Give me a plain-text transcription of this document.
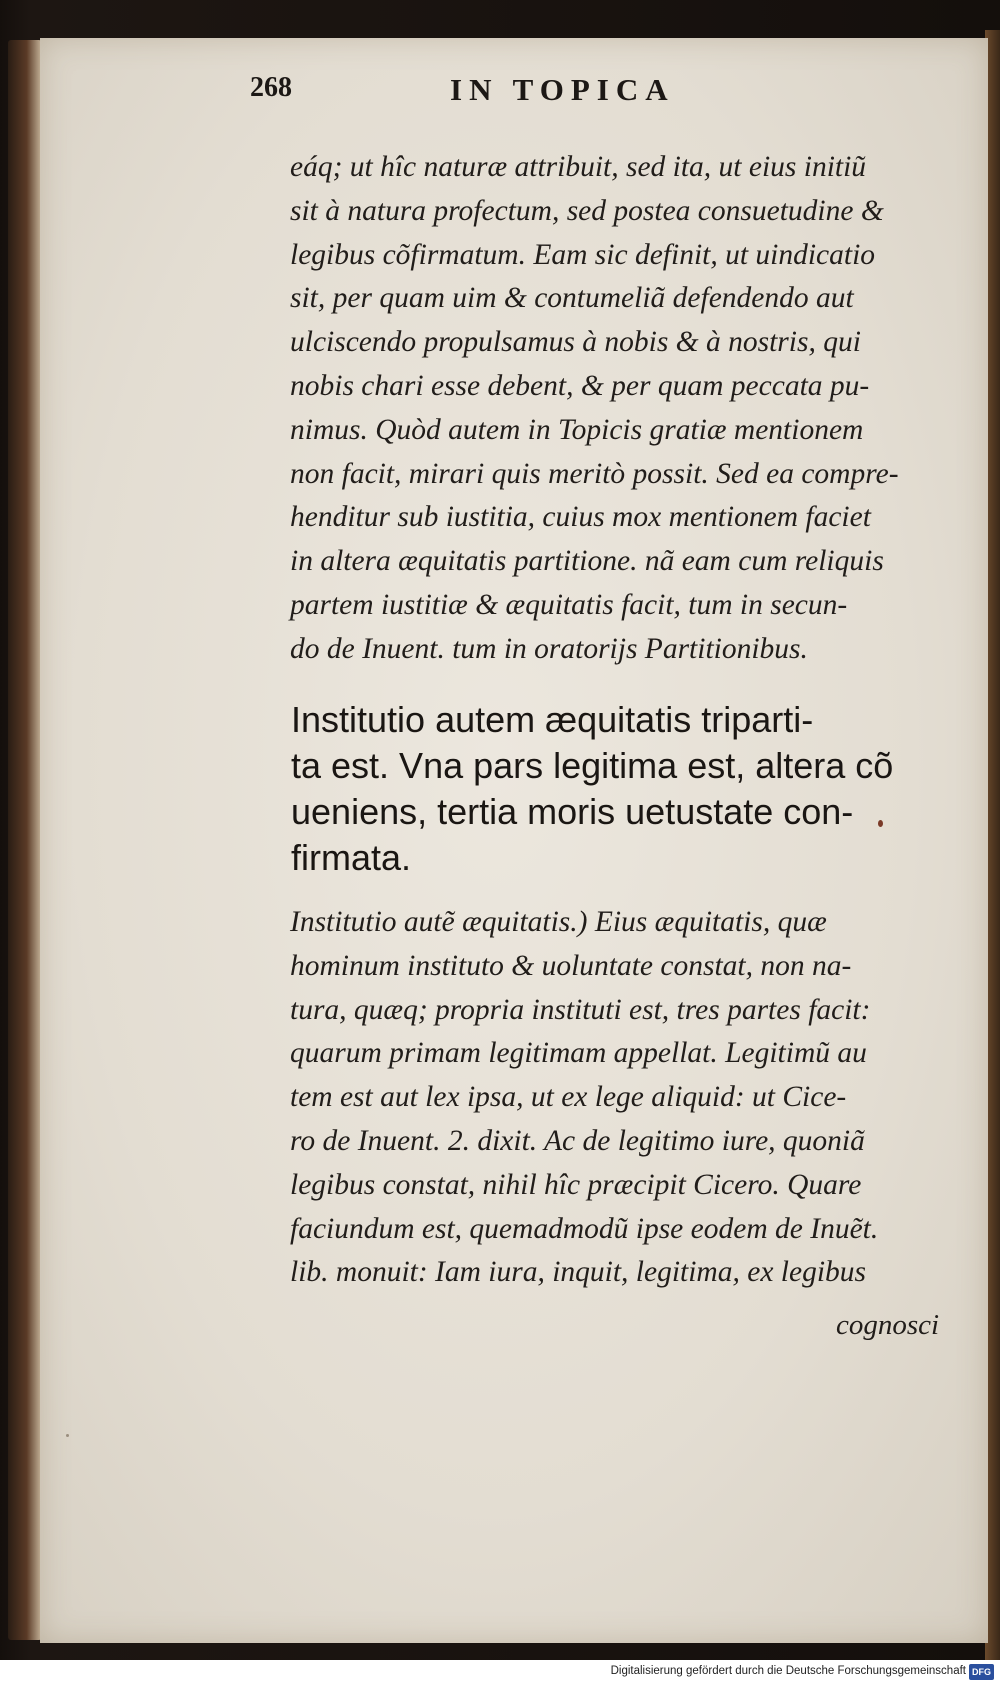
268	IN TOPICA
eáq; ut hîc naturæ attribuit, sed ita, ut eius initiũ
sit à natura profectum, sed postea consuetudine &
legibus cõfirmatum. Eam sic definit, ut uindicatio
sit, per quam uim & contumeliã defendendo aut
ulciscendo propulsamus à nobis & à nostris, qui
nobis chari esse debent, & per quam peccata pu-
nimus. Quòd autem in Topicis gratiæ mentionem
non facit, mirari quis meritò possit. Sed ea compre-
henditur sub iustitia, cuius mox mentionem faciet
in altera æquitatis partitione. nã eam cum reliquis
partem iustitiæ & æquitatis facit, tum in secun-
do de Inuent. tum in oratorijs Partitionibus.
Institutio autem æquitatis triparti-
ta est. Vna pars legitima est, altera cõ
ueniens, tertia moris uetustate con-
firmata.
Institutio autẽ æquitatis.) Eius æquitatis, quæ
hominum instituto & uoluntate constat, non na-
tura, quæq; propria instituti est, tres partes facit:
quarum primam legitimam appellat. Legitimũ au
tem est aut lex ipsa, ut ex lege aliquid: ut Cice-
ro de Inuent. 2. dixit. Ac de legitimo iure, quoniã
legibus constat, nihil hîc præcipit Cicero. Quare
faciundum est, quemadmodũ ipse eodem de Inuẽt.
lib. monuit: Iam iura, inquit, legitima, ex legibus
cognosci
Digitalisierung gefördert durch die Deutsche Forschungsgemeinschaft DFG
